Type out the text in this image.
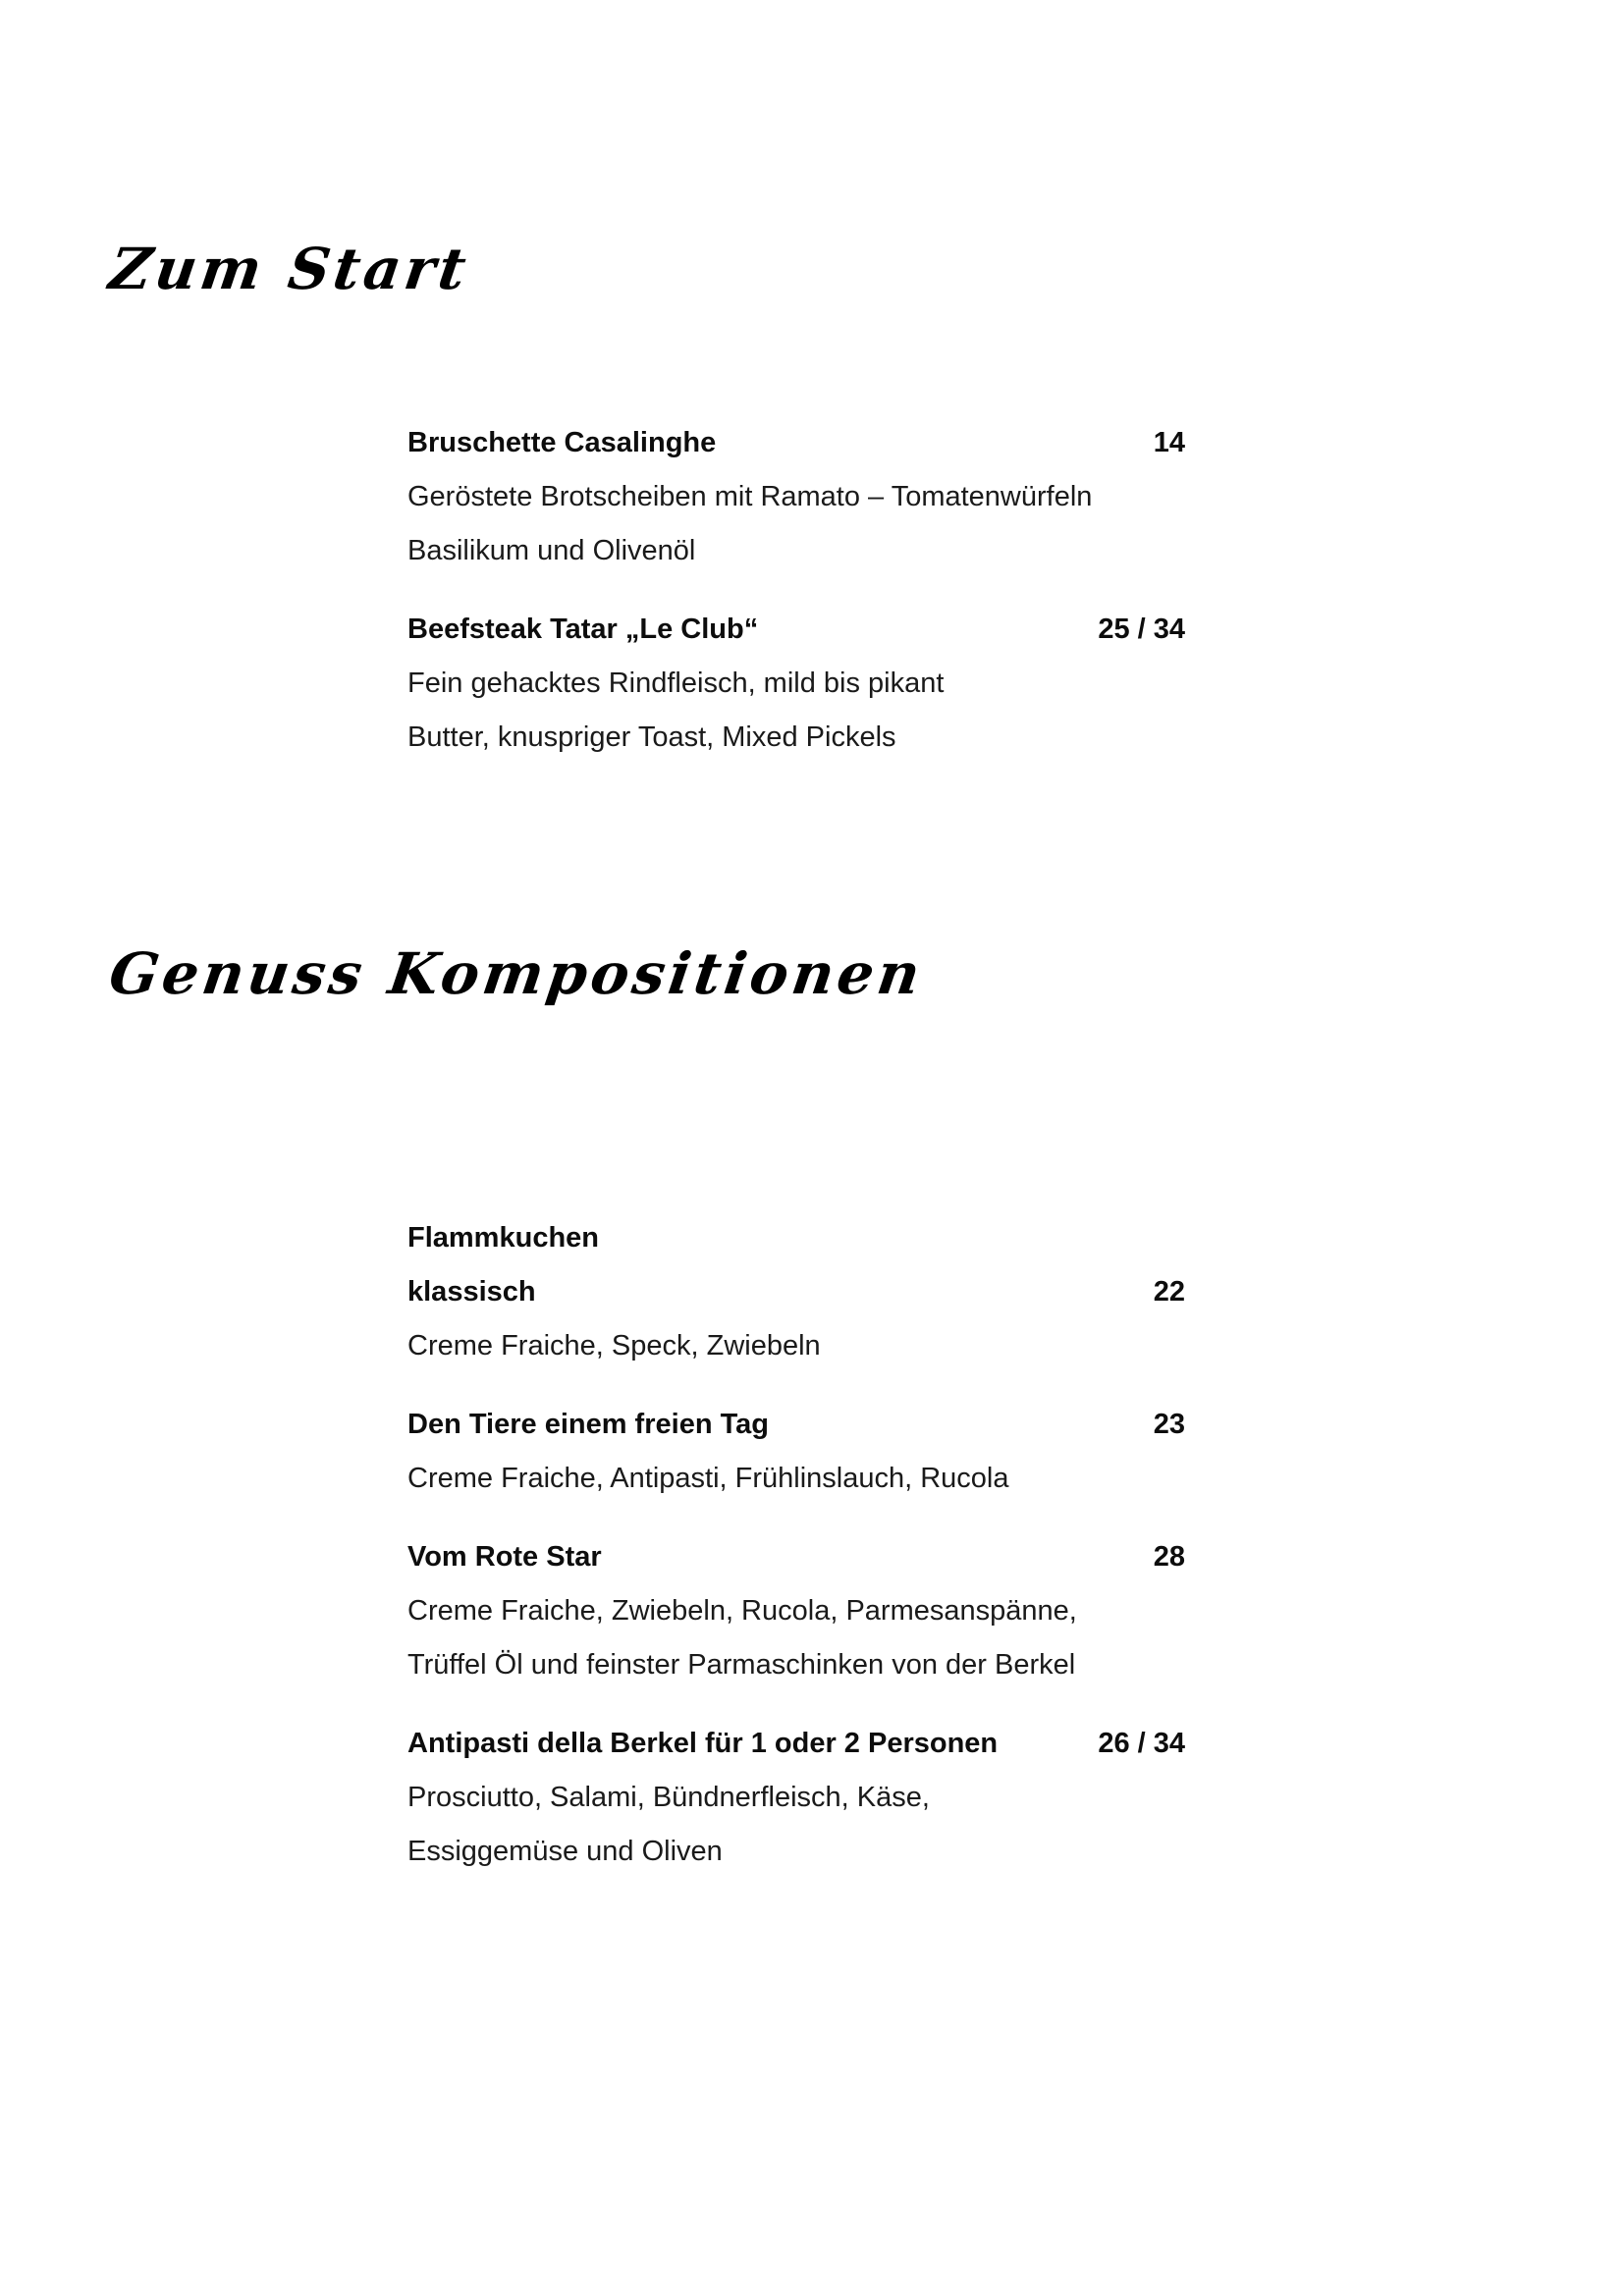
Zum Start
Bruschette Casalinghe	14
Geröstete Brotscheiben mit Ramato – Tomatenwürfeln
Basilikum und Olivenöl
Beefsteak Tatar „Le Club“	25 / 34
Fein gehacktes Rindfleisch, mild bis pikant
Butter, knuspriger Toast, Mixed Pickels
Genuss Kompositionen
Flammkuchen
klassisch	22
Creme Fraiche, Speck, Zwiebeln
Den Tiere einem freien Tag	23
Creme Fraiche, Antipasti, Frühlinslauch, Rucola
Vom Rote Star	28
Creme Fraiche, Zwiebeln, Rucola, Parmesanspänne,
Trüffel Öl und feinster Parmaschinken von der Berkel
Antipasti della Berkel für 1 oder 2 Personen	26 / 34
Prosciutto, Salami, Bündnerfleisch, Käse,
Essiggemüse und Oliven
